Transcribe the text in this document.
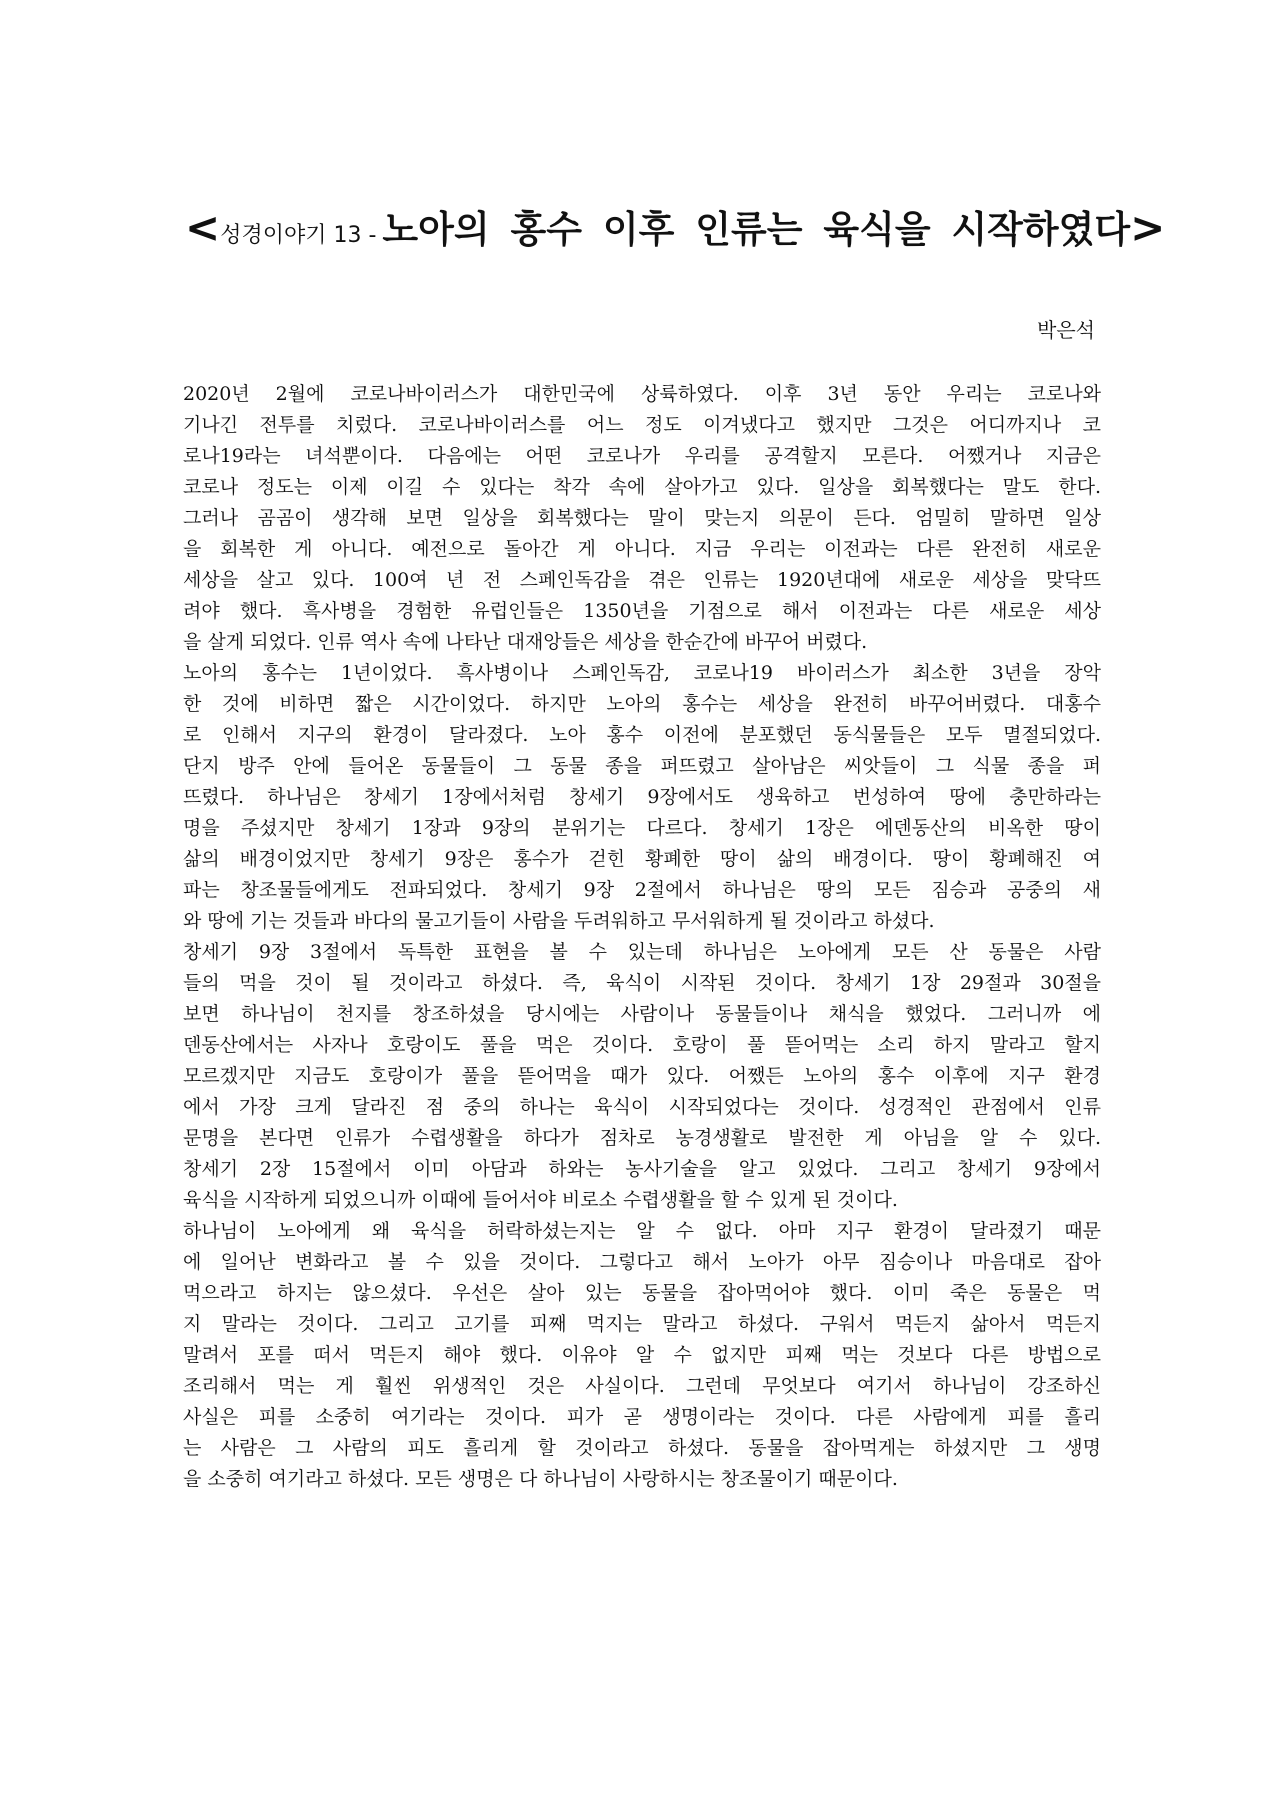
<성경이야기 13 - 노아의 홍수 이후 인류는 육식을 시작하였다>
박은석
2020년 2월에 코로나바이러스가 대한민국에 상륙하였다. 이후 3년 동안 우리는 코로나와
기나긴 전투를 치렀다. 코로나바이러스를 어느 정도 이겨냈다고 했지만 그것은 어디까지나 코
로나19라는 녀석뿐이다. 다음에는 어떤 코로나가 우리를 공격할지 모른다. 어쨌거나 지금은
코로나 정도는 이제 이길 수 있다는 착각 속에 살아가고 있다. 일상을 회복했다는 말도 한다.
그러나 곰곰이 생각해 보면 일상을 회복했다는 말이 맞는지 의문이 든다. 엄밀히 말하면 일상
을 회복한 게 아니다. 예전으로 돌아간 게 아니다. 지금 우리는 이전과는 다른 완전히 새로운
세상을 살고 있다. 100여 년 전 스페인독감을 겪은 인류는 1920년대에 새로운 세상을 맞닥뜨
려야 했다. 흑사병을 경험한 유럽인들은 1350년을 기점으로 해서 이전과는 다른 새로운 세상
을 살게 되었다. 인류 역사 속에 나타난 대재앙들은 세상을 한순간에 바꾸어 버렸다.
노아의 홍수는 1년이었다. 흑사병이나 스페인독감, 코로나19 바이러스가 최소한 3년을 장악
한 것에 비하면 짧은 시간이었다. 하지만 노아의 홍수는 세상을 완전히 바꾸어버렸다. 대홍수
로 인해서 지구의 환경이 달라졌다. 노아 홍수 이전에 분포했던 동식물들은 모두 멸절되었다.
단지 방주 안에 들어온 동물들이 그 동물 종을 퍼뜨렸고 살아남은 씨앗들이 그 식물 종을 퍼
뜨렸다. 하나님은 창세기 1장에서처럼 창세기 9장에서도 생육하고 번성하여 땅에 충만하라는
명을 주셨지만 창세기 1장과 9장의 분위기는 다르다. 창세기 1장은 에덴동산의 비옥한 땅이
삶의 배경이었지만 창세기 9장은 홍수가 걷힌 황폐한 땅이 삶의 배경이다. 땅이 황폐해진 여
파는 창조물들에게도 전파되었다. 창세기 9장 2절에서 하나님은 땅의 모든 짐승과 공중의 새
와 땅에 기는 것들과 바다의 물고기들이 사람을 두려워하고 무서워하게 될 것이라고 하셨다.
창세기 9장 3절에서 독특한 표현을 볼 수 있는데 하나님은 노아에게 모든 산 동물은 사람
들의 먹을 것이 될 것이라고 하셨다. 즉, 육식이 시작된 것이다. 창세기 1장 29절과 30절을
보면 하나님이 천지를 창조하셨을 당시에는 사람이나 동물들이나 채식을 했었다. 그러니까 에
덴동산에서는 사자나 호랑이도 풀을 먹은 것이다. 호랑이 풀 뜯어먹는 소리 하지 말라고 할지
모르겠지만 지금도 호랑이가 풀을 뜯어먹을 때가 있다. 어쨌든 노아의 홍수 이후에 지구 환경
에서 가장 크게 달라진 점 중의 하나는 육식이 시작되었다는 것이다. 성경적인 관점에서 인류
문명을 본다면 인류가 수렵생활을 하다가 점차로 농경생활로 발전한 게 아님을 알 수 있다.
창세기 2장 15절에서 이미 아담과 하와는 농사기술을 알고 있었다. 그리고 창세기 9장에서
육식을 시작하게 되었으니까 이때에 들어서야 비로소 수렵생활을 할 수 있게 된 것이다.
하나님이 노아에게 왜 육식을 허락하셨는지는 알 수 없다. 아마 지구 환경이 달라졌기 때문
에 일어난 변화라고 볼 수 있을 것이다. 그렇다고 해서 노아가 아무 짐승이나 마음대로 잡아
먹으라고 하지는 않으셨다. 우선은 살아 있는 동물을 잡아먹어야 했다. 이미 죽은 동물은 먹
지 말라는 것이다. 그리고 고기를 피째 먹지는 말라고 하셨다. 구워서 먹든지 삶아서 먹든지
말려서 포를 떠서 먹든지 해야 했다. 이유야 알 수 없지만 피째 먹는 것보다 다른 방법으로
조리해서 먹는 게 훨씬 위생적인 것은 사실이다. 그런데 무엇보다 여기서 하나님이 강조하신
사실은 피를 소중히 여기라는 것이다. 피가 곧 생명이라는 것이다. 다른 사람에게 피를 흘리
는 사람은 그 사람의 피도 흘리게 할 것이라고 하셨다. 동물을 잡아먹게는 하셨지만 그 생명
을 소중히 여기라고 하셨다. 모든 생명은 다 하나님이 사랑하시는 창조물이기 때문이다.
